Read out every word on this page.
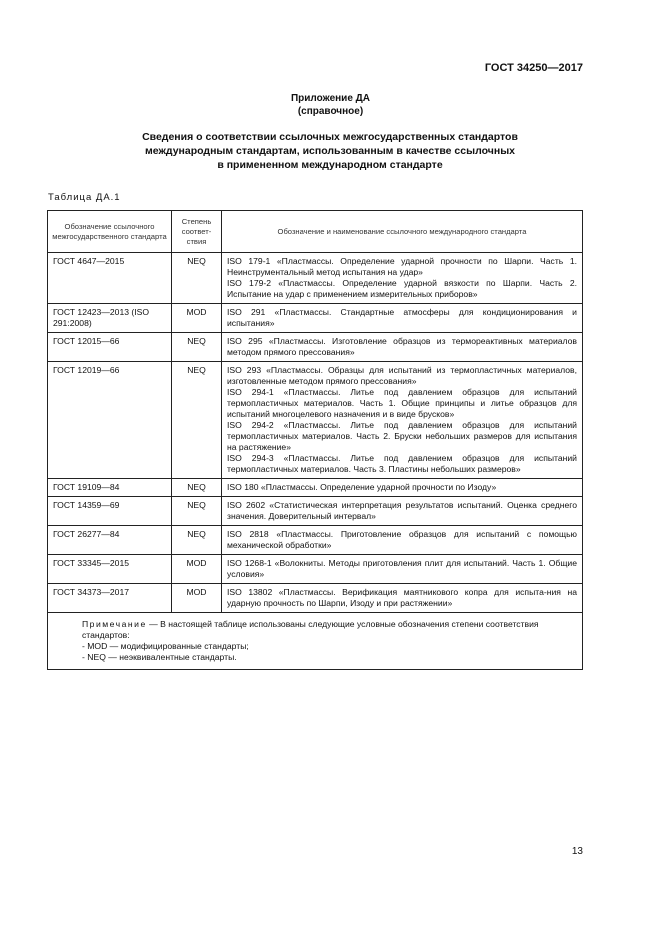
ГОСТ 34250—2017
Приложение ДА
(справочное)
Сведения о соответствии ссылочных межгосударственных стандартов
международным стандартам, использованным в качестве ссылочных
в примененном международном стандарте
Таблица ДА.1
Обозначение ссылочного межгосударственного стандарта	Степень соответ-ствия	Обозначение и наименование ссылочного международного стандарта
ГОСТ 4647—2015	NEQ	ISO 179-1 «Пластмассы. Определение ударной прочности по Шарпи. Часть 1. Неинструментальный метод испытания на удар»
ISO 179-2 «Пластмассы. Определение ударной вязкости по Шарпи. Часть 2. Испытание на удар с применением измерительных приборов»

ГОСТ 12423—2013 (ISO 291:2008)	MOD	ISO 291 «Пластмассы. Стандартные атмосферы для кондиционирования и испытания»

ГОСТ 12015—66	NEQ	ISO 295 «Пластмассы. Изготовление образцов из термореактивных материалов методом прямого прессования»

ГОСТ 12019—66	NEQ	ISO 293 «Пластмассы. Образцы для испытаний из термопластичных материалов, изготовленные методом прямого прессования»
ISO 294-1 «Пластмассы. Литье под давлением образцов для испытаний термопластичных материалов. Часть 1. Общие принципы и литье образцов для испытаний многоцелевого назначения и в виде брусков»
ISO 294-2 «Пластмассы. Литье под давлением образцов для испытаний термопластичных материалов. Часть 2. Бруски небольших размеров для испытания на растяжение»
ISO 294-3 «Пластмассы. Литье под давлением образцов для испытаний термопластичных материалов. Часть 3. Пластины небольших размеров»

ГОСТ 19109—84	NEQ	ISO 180 «Пластмассы. Определение ударной прочности по Изоду»

ГОСТ 14359—69	NEQ	ISO 2602 «Статистическая интерпретация результатов испытаний. Оценка среднего значения. Доверительный интервал»

ГОСТ 26277—84	NEQ	ISO 2818 «Пластмассы. Приготовление образцов для испытаний с помощью механической обработки»

ГОСТ 33345—2015	MOD	ISO 1268-1 «Волокниты. Методы приготовления плит для испытаний. Часть 1. Общие условия»

ГОСТ 34373—2017	MOD	ISO 13802 «Пластмассы. Верификация маятникового копра для испыта-ния на ударную прочность по Шарпи, Изоду и при растяжении»

Примечание — В настоящей таблице использованы следующие условные обозначения степени соответствия стандартов:
- MOD — модифицированные стандарты;
- NEQ — неэквивалентные стандарты.		
13
